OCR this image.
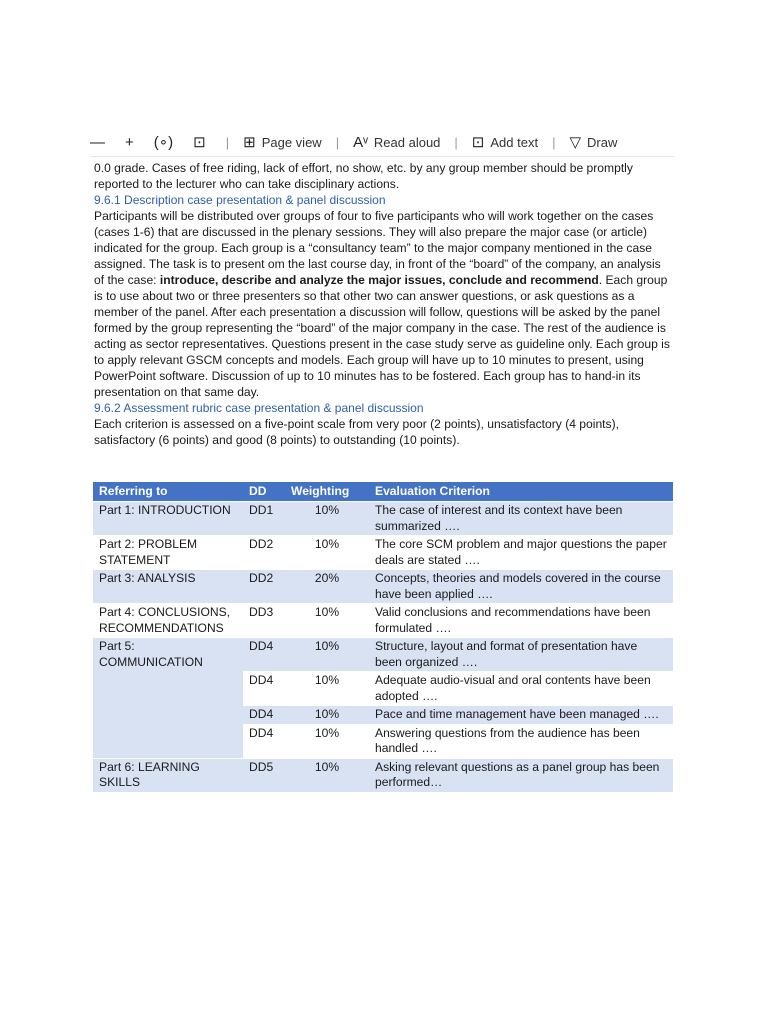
— + (∘) ⊡ | ⊞ Page view | Aᵛ Read aloud | ⊡ Add text | ▽ Draw

0.0 grade. Cases of free riding, lack of effort, no show, etc. by any group member should be promptly reported to the lecturer who can take disciplinary actions.

9.6.1 Description case presentation & panel discussion

Participants will be distributed over groups of four to five participants who will work together on the cases (cases 1-6) that are discussed in the plenary sessions. They will also prepare the major case (or article) indicated for the group. Each group is a “consultancy team” to the major company mentioned in the case assigned. The task is to present om the last course day, in front of the “board” of the company, an analysis of the case: introduce, describe and analyze the major issues, conclude and recommend. Each group is to use about two or three presenters so that other two can answer questions, or ask questions as a member of the panel. After each presentation a discussion will follow, questions will be asked by the panel formed by the group representing the “board” of the major company in the case. The rest of the audience is acting as sector representatives. Questions present in the case study serve as guideline only. Each group is to apply relevant GSCM concepts and models. Each group will have up to 10 minutes to present, using PowerPoint software. Discussion of up to 10 minutes has to be fostered. Each group has to hand-in its presentation on that same day.

9.6.2 Assessment rubric case presentation & panel discussion

Each criterion is assessed on a five-point scale from very poor (2 points), unsatisfactory (4 points), satisfactory (6 points) and good (8 points) to outstanding (10 points).

Referring to	DD	Weighting	Evaluation Criterion
Part 1: INTRODUCTION	DD1	10%	The case of interest and its context have been summarized ….
Part 2: PROBLEM STATEMENT	DD2	10%	The core SCM problem and major questions the paper deals are stated ….
Part 3: ANALYSIS	DD2	20%	Concepts, theories and models covered in the course have been applied ….
Part 4: CONCLUSIONS, RECOMMENDATIONS	DD3	10%	Valid conclusions and recommendations have been formulated ….
Part 5: COMMUNICATION	DD4	10%	Structure, layout and format of presentation have been organized ….
	DD4	10%	Adequate audio-visual and oral contents have been adopted ….
	DD4	10%	Pace and time management have been managed ….
	DD4	10%	Answering questions from the audience has been handled ….
Part 6: LEARNING SKILLS	DD5	10%	Asking relevant questions as a panel group has been performed…
